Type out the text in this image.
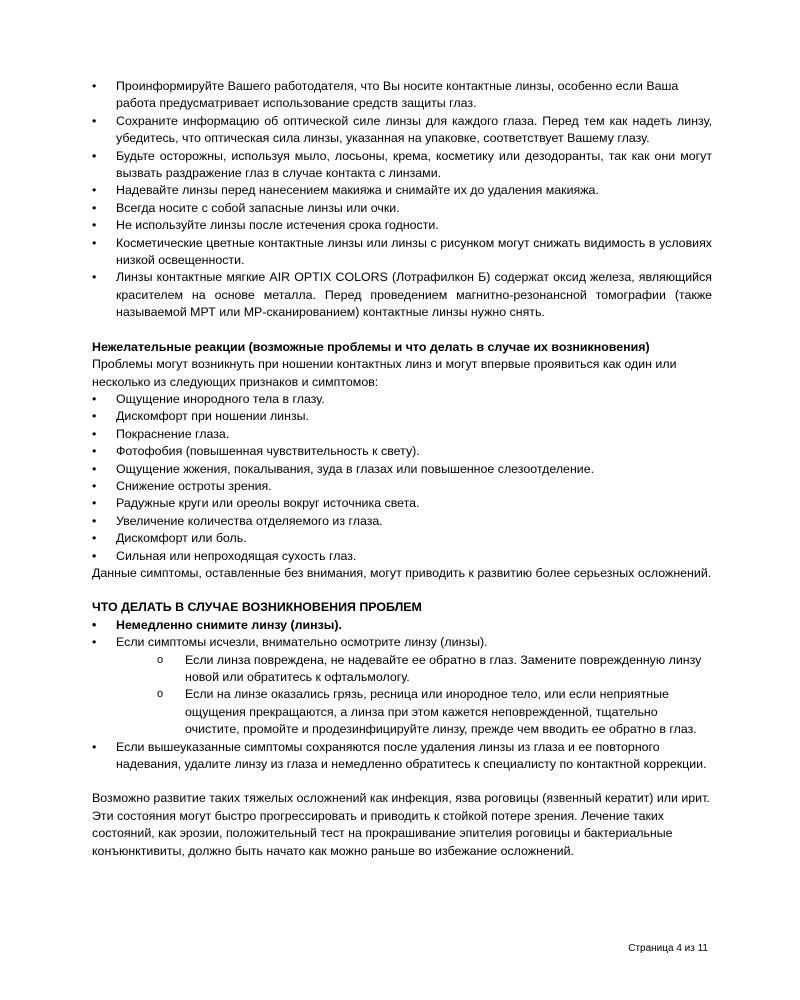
• Проинформируйте Вашего работодателя, что Вы носите контактные линзы, особенно если Ваша работа предусматривает использование средств защиты глаз.
• Сохраните информацию об оптической силе линзы для каждого глаза. Перед тем как надеть линзу, убедитесь, что оптическая сила линзы, указанная на упаковке, соответствует Вашему глазу.
• Будьте осторожны, используя мыло, лосьоны, крема, косметику или дезодоранты, так как они могут вызвать раздражение глаз в случае контакта с линзами.
• Надевайте линзы перед нанесением макияжа и снимайте их до удаления макияжа.
• Всегда носите с собой запасные линзы или очки.
• Не используйте линзы после истечения срока годности.
• Косметические цветные контактные линзы или линзы с рисунком могут снижать видимость в условиях низкой освещенности.
• Линзы контактные мягкие AIR OPTIX COLORS (Лотрафилкон Б) содержат оксид железа, являющийся красителем на основе металла. Перед проведением магнитно-резонансной томографии (также называемой МРТ или МР-сканированием) контактные линзы нужно снять.

Нежелательные реакции (возможные проблемы и что делать в случае их возникновения)

Проблемы могут возникнуть при ношении контактных линз и могут впервые проявиться как один или несколько из следующих признаков и симптомов:

• Ощущение инородного тела в глазу.
• Дискомфорт при ношении линзы.
• Покраснение глаза.
• Фотофобия (повышенная чувствительность к свету).
• Ощущение жжения, покалывания, зуда в глазах или повышенное слезоотделение.
• Снижение остроты зрения.
• Радужные круги или ореолы вокруг источника света.
• Увеличение количества отделяемого из глаза.
• Дискомфорт или боль.
• Сильная или непроходящая сухость глаз.

Данные симптомы, оставленные без внимания, могут приводить к развитию более серьезных осложнений.

ЧТО ДЕЛАТЬ В СЛУЧАЕ ВОЗНИКНОВЕНИЯ ПРОБЛЕМ

• Немедленно снимите линзу (линзы).
• Если симптомы исчезли, внимательно осмотрите линзу (линзы).
o Если линза повреждена, не надевайте ее обратно в глаз. Замените поврежденную линзу новой или обратитесь к офтальмологу.
o Если на линзе оказались грязь, ресница или инородное тело, или если неприятные ощущения прекращаются, а линза при этом кажется неповрежденной, тщательно очистите, промойте и продезинфицируйте линзу, прежде чем вводить ее обратно в глаз.
• Если вышеуказанные симптомы сохраняются после удаления линзы из глаза и ее повторного надевания, удалите линзу из глаза и немедленно обратитесь к специалисту по контактной коррекции.

Возможно развитие таких тяжелых осложнений как инфекция, язва роговицы (язвенный кератит) или ирит. Эти состояния могут быстро прогрессировать и приводить к стойкой потере зрения. Лечение таких состояний, как эрозии, положительный тест на прокрашивание эпителия роговицы и бактериальные конъюнктивиты, должно быть начато как можно раньше во избежание осложнений.

Страница 4 из 11
